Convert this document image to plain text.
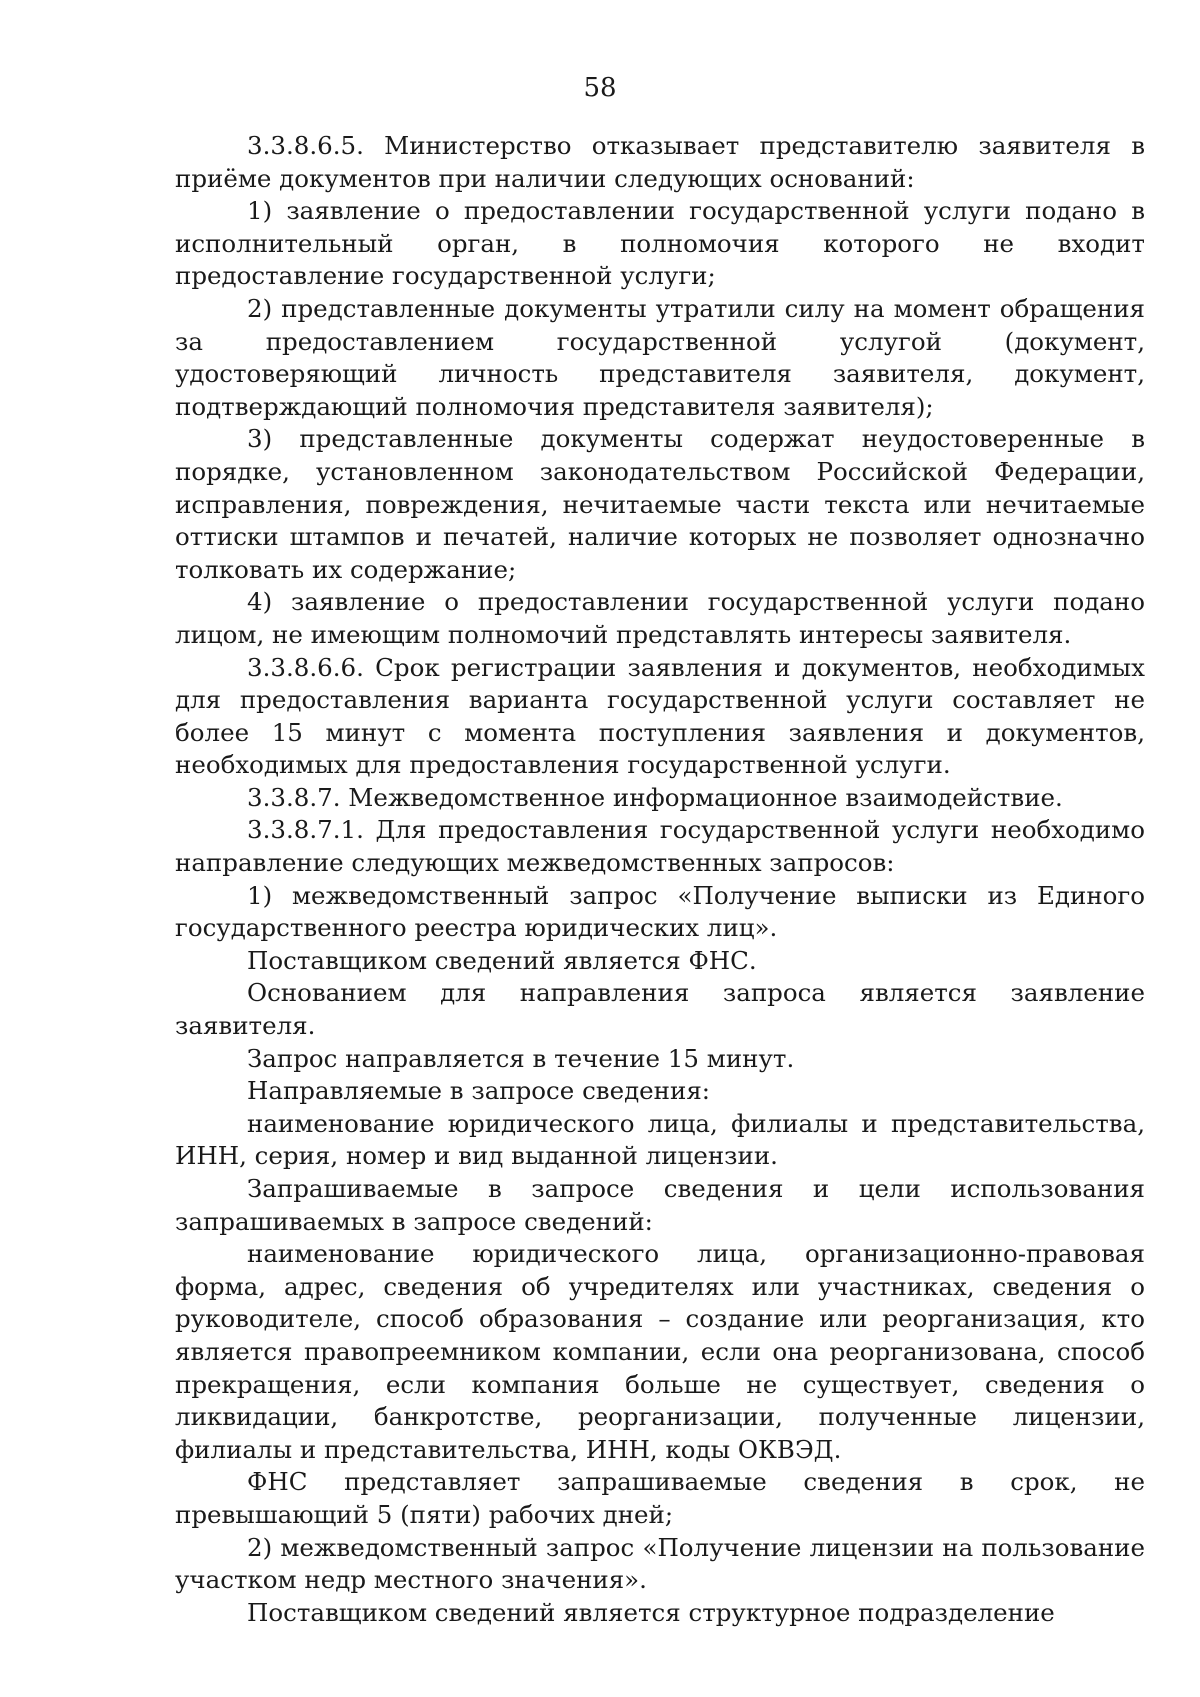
58

3.3.8.6.5. Министерство отказывает представителю заявителя в приёме документов при наличии следующих оснований:

1) заявление о предоставлении государственной услуги подано в исполнительный орган, в полномочия которого не входит предоставление государственной услуги;

2) представленные документы утратили силу на момент обращения за предоставлением государственной услугой (документ, удостоверяющий личность представителя заявителя, документ, подтверждающий полномочия представителя заявителя);

3) представленные документы содержат неудостоверенные в порядке, установленном законодательством Российской Федерации, исправления, повреждения, нечитаемые части текста или нечитаемые оттиски штампов и печатей, наличие которых не позволяет однозначно толковать их содержание;

4) заявление о предоставлении государственной услуги подано лицом, не имеющим полномочий представлять интересы заявителя.

3.3.8.6.6. Срок регистрации заявления и документов, необходимых для предоставления варианта государственной услуги составляет не более 15 минут с момента поступления заявления и документов, необходимых для предоставления государственной услуги.

3.3.8.7. Межведомственное информационное взаимодействие.

3.3.8.7.1. Для предоставления государственной услуги необходимо направление следующих межведомственных запросов:

1) межведомственный запрос «Получение выписки из Единого государственного реестра юридических лиц».

Поставщиком сведений является ФНС.

Основанием для направления запроса является заявление заявителя.

Запрос направляется в течение 15 минут.

Направляемые в запросе сведения:

наименование юридического лица, филиалы и представительства, ИНН, серия, номер и вид выданной лицензии.

Запрашиваемые в запросе сведения и цели использования запрашиваемых в запросе сведений:

наименование юридического лица, организационно-правовая форма, адрес, сведения об учредителях или участниках, сведения о руководителе, способ образования – создание или реорганизация, кто является правопреемником компании, если она реорганизована, способ прекращения, если компания больше не существует, сведения о ликвидации, банкротстве, реорганизации, полученные лицензии, филиалы и представительства, ИНН, коды ОКВЭД.

ФНС представляет запрашиваемые сведения в срок, не превышающий 5 (пяти) рабочих дней;

2) межведомственный запрос «Получение лицензии на пользование участком недр местного значения».

Поставщиком сведений является структурное подразделение
